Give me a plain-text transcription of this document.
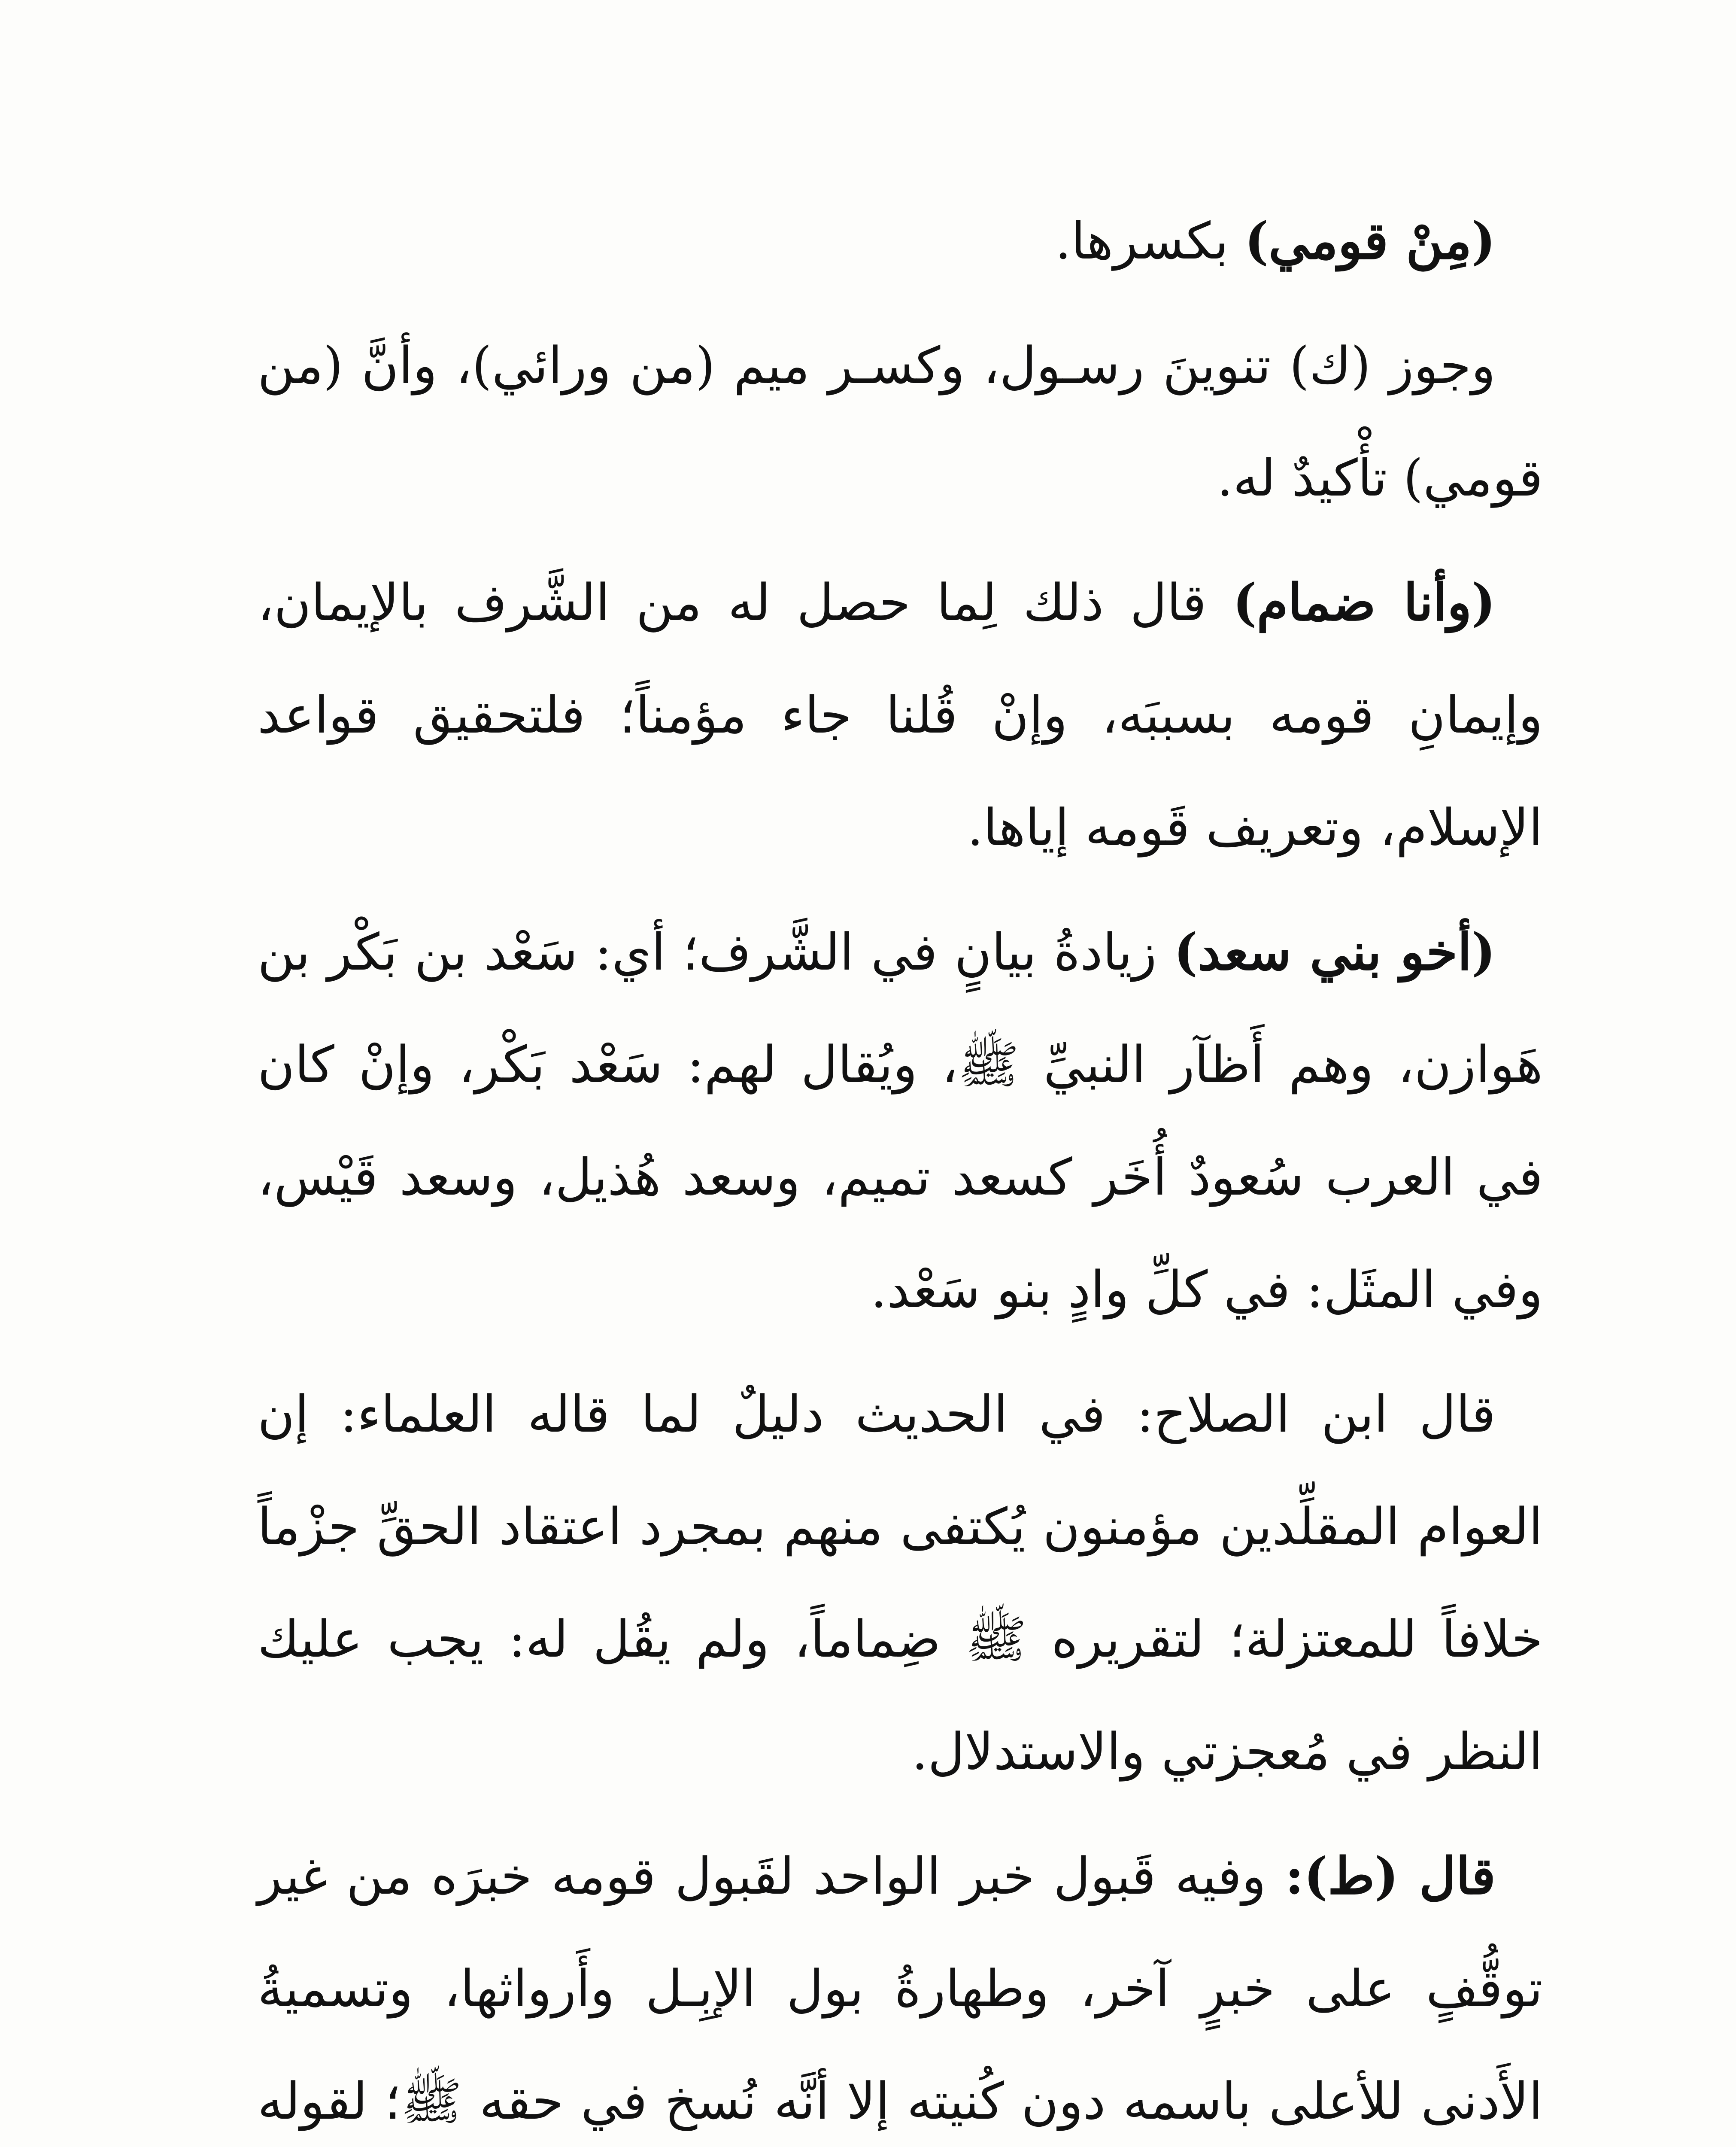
(مِنْ قومي) بكسرها.

وجوز (ك) تنوينَ رسـول، وكسـر ميم (من ورائي)، وأنَّ (من قومي) تأْكيدٌ له.

(وأنا ضمام) قال ذلك لِما حصل له من الشَّرف بالإيمان، وإيمانِ قومه بسببَه، وإنْ قُلنا جاء مؤمناً؛ فلتحقيق قواعد الإسلام، وتعريف قَومه إياها.

(أخو بني سعد) زيادةُ بيانٍ في الشَّرف؛ أي: سَعْد بن بَكْر بن هَوازن، وهم أَظآر النبيِّ ﷺ، ويُقال لهم: سَعْد بَكْر، وإنْ كان في العرب سُعودٌ أُخَر كسعد تميم، وسعد هُذيل، وسعد قَيْس، وفي المثَل: في كلِّ وادٍ بنو سَعْد.

قال ابن الصلاح: في الحديث دليلٌ لما قاله العلماء: إن العوام المقلِّدين مؤمنون يُكتفى منهم بمجرد اعتقاد الحقِّ جزْماً خلافاً للمعتزلة؛ لتقريره ﷺ ضِماماً، ولم يقُل له: يجب عليك النظر في مُعجزتي والاستدلال.

قال (ط): وفيه قَبول خبر الواحد لقَبول قومه خبرَه من غير توقُّفٍ على خبرٍ آخر، وطهارةُ بول الإبِـل وأَرواثها، وتسميةُ الأَدنى للأعلى باسمه دون كُنيته إلا أنَّه نُسخ في حقه ﷺ؛ لقوله
